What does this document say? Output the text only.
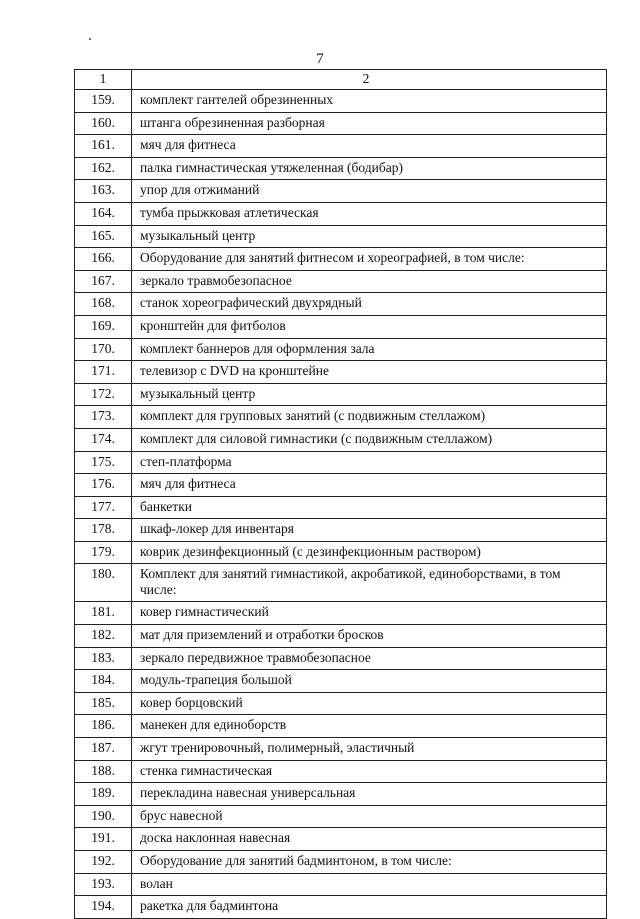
7
1	2
159.	комплект гантелей обрезиненных
160.	штанга обрезиненная разборная
161.	мяч для фитнеса
162.	палка гимнастическая утяжеленная (бодибар)
163.	упор для отжиманий
164.	тумба прыжковая атлетическая
165.	музыкальный центр
166.	Оборудование для занятий фитнесом и хореографией, в том числе:
167.	зеркало травмобезопасное
168.	станок хореографический двухрядный
169.	кронштейн для фитболов
170.	комплект баннеров для оформления зала
171.	телевизор с DVD на кронштейне
172.	музыкальный центр
173.	комплект для групповых занятий (с подвижным стеллажом)
174.	комплект для силовой гимнастики (с подвижным стеллажом)
175.	степ-платформа
176.	мяч для фитнеса
177.	банкетки
178.	шкаф-локер для инвентаря
179.	коврик дезинфекционный (с дезинфекционным раствором)
180.	Комплект для занятий гимнастикой, акробатикой, единоборствами, в том числе:
181.	ковер гимнастический
182.	мат для приземлений и отработки бросков
183.	зеркало передвижное травмобезопасное
184.	модуль-трапеция большой
185.	ковер борцовский
186.	манекен для единоборств
187.	жгут тренировочный, полимерный, эластичный
188.	стенка гимнастическая
189.	перекладина навесная универсальная
190.	брус навесной
191.	доска наклонная навесная
192.	Оборудование для занятий бадминтоном, в том числе:
193.	волан
194.	ракетка для бадминтона
